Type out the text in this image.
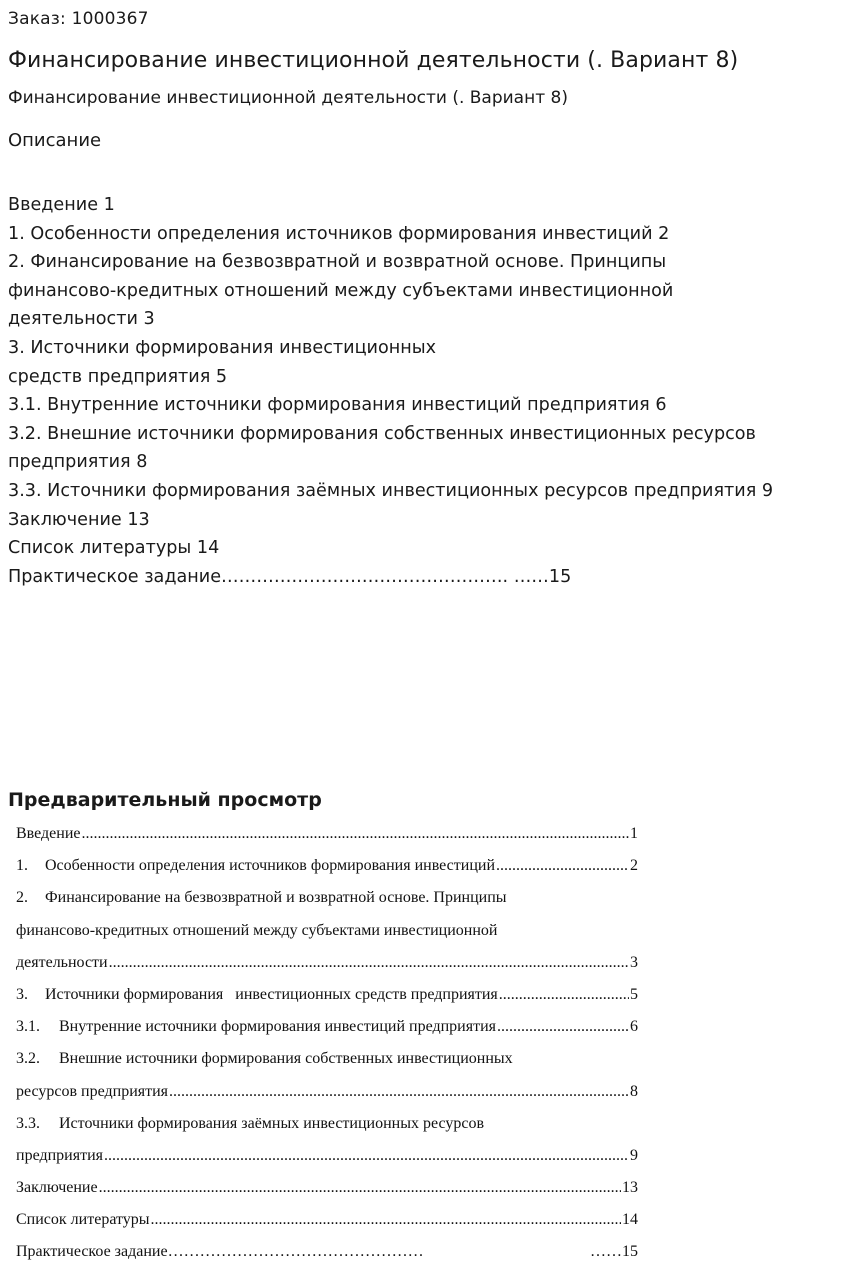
Заказ: 1000367
Финансирование инвестиционной деятельности (. Вариант 8)
Финансирование инвестиционной деятельности (. Вариант 8)
Описание
Введение 1
1. Особенности определения источников формирования инвестиций 2
2. Финансирование на безвозвратной и возвратной основе. Принципы
финансово-кредитных отношений между субъектами инвестиционной
деятельности 3
3. Источники формирования инвестиционных
средств предприятия 5
3.1. Внутренние источники формирования инвестиций предприятия 6
3.2. Внешние источники формирования собственных инвестиционных ресурсов
предприятия 8
3.3. Источники формирования заёмных инвестиционных ресурсов предприятия 9
Заключение 13
Список литературы 14
Практическое задание…………………………………………. ……15
Предварительный просмотр
Введение .....	1
1.	Особенности определения источников формирования инвестиций .....	2
2.	Финансирование на безвозвратной и возвратной основе. Принципы
финансово-кредитных отношений между субъектами инвестиционной
деятельности .....	3
3.	Источники формирования   инвестиционных средств предприятия .....	5
3.1.	Внутренние источники формирования инвестиций предприятия .....	6
3.2.	Внешние источники формирования собственных инвестиционных
ресурсов предприятия .....	8
3.3.	Источники формирования заёмных инвестиционных ресурсов
предприятия .....	9
Заключение .....	13
Список литературы .....	14
Практическое задание…………………………………………	……15
